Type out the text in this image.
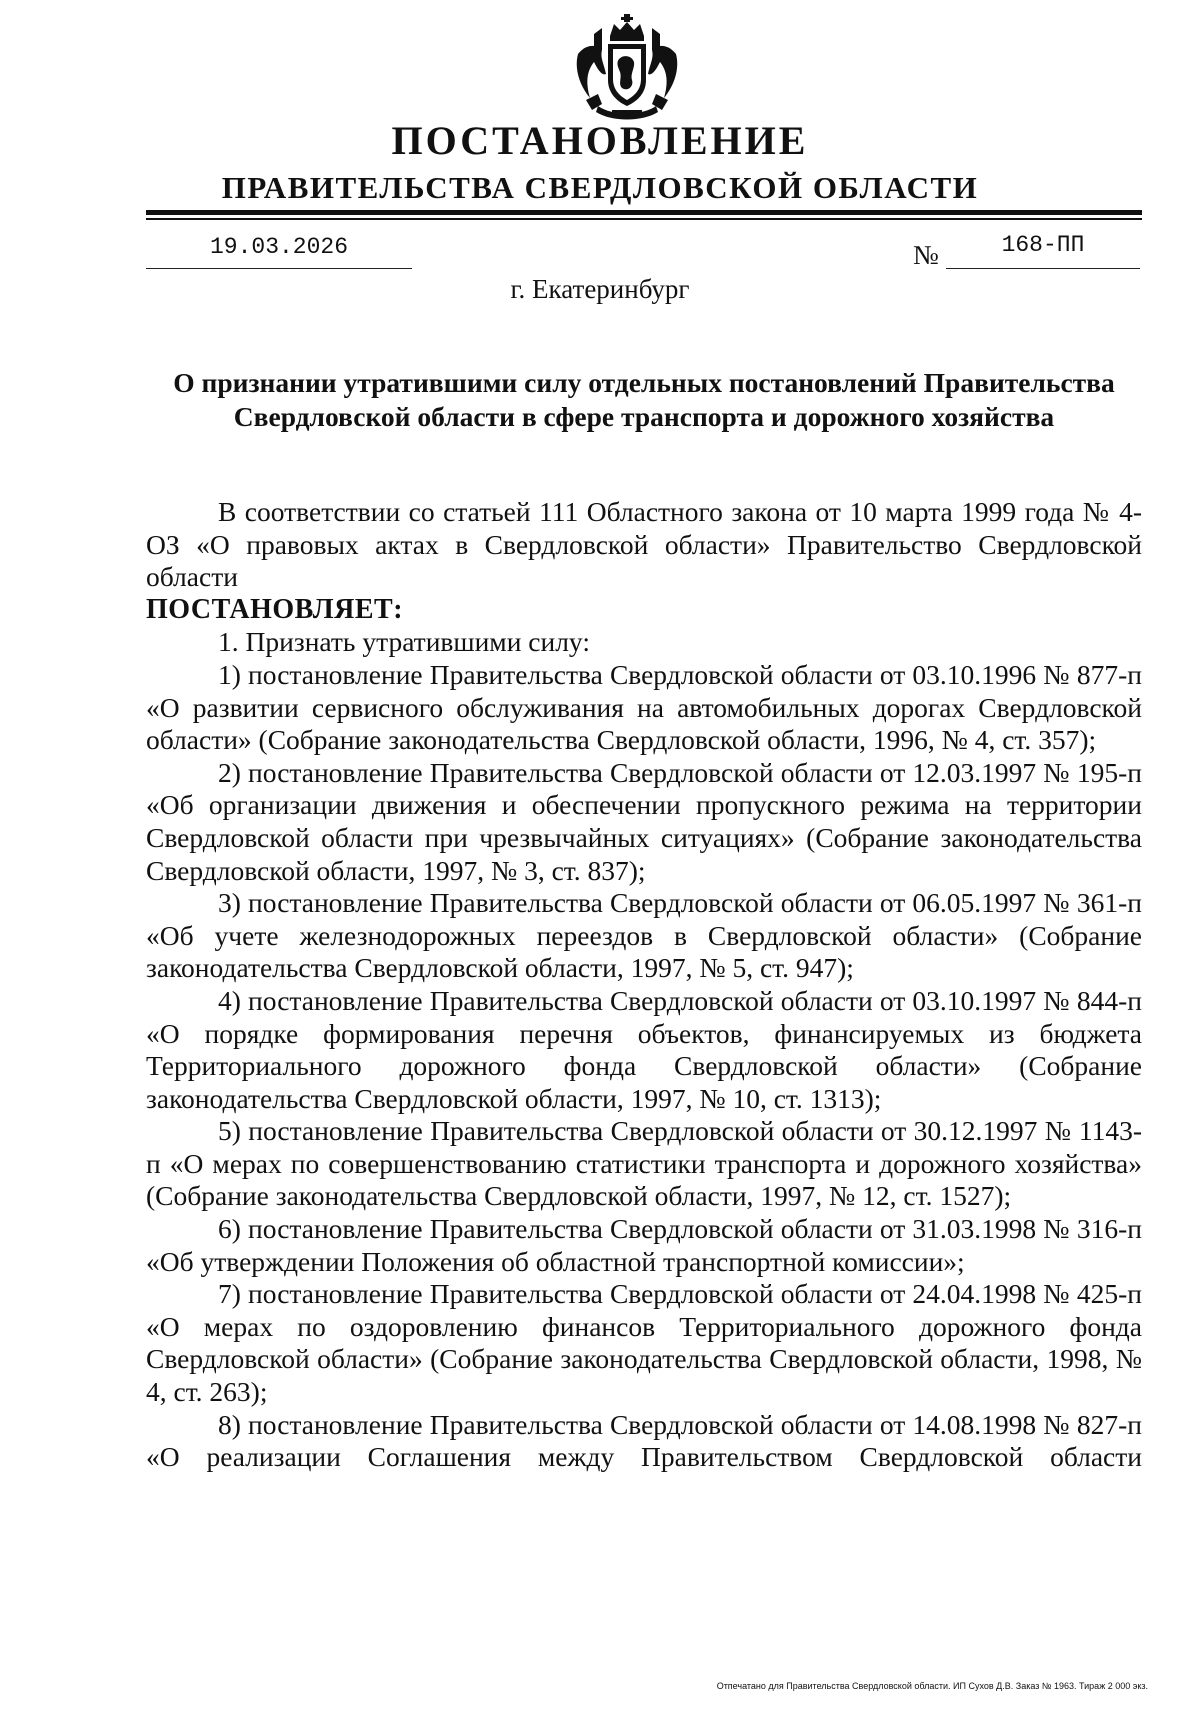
ПОСТАНОВЛЕНИЕ
ПРАВИТЕЛЬСТВА СВЕРДЛОВСКОЙ ОБЛАСТИ
19.03.2026	№	168-ПП
г. Екатеринбург
О признании утратившими силу отдельных постановлений Правительства Свердловской области в сфере транспорта и дорожного хозяйства

В соответствии со статьей 111 Областного закона от 10 марта 1999 года № 4-ОЗ «О правовых актах в Свердловской области» Правительство Свердловской области

ПОСТАНОВЛЯЕТ:

1. Признать утратившими силу:

1) постановление Правительства Свердловской области от 03.10.1996 № 877-п «О развитии сервисного обслуживания на автомобильных дорогах Свердловской области» (Собрание законодательства Свердловской области, 1996, № 4, ст. 357);

2) постановление Правительства Свердловской области от 12.03.1997 № 195-п «Об организации движения и обеспечении пропускного режима на территории Свердловской области при чрезвычайных ситуациях» (Собрание законодательства Свердловской области, 1997, № 3, ст. 837);

3) постановление Правительства Свердловской области от 06.05.1997 № 361-п «Об учете железнодорожных переездов в Свердловской области» (Собрание законодательства Свердловской области, 1997, № 5, ст. 947);

4) постановление Правительства Свердловской области от 03.10.1997 № 844-п «О порядке формирования перечня объектов, финансируемых из бюджета Территориального дорожного фонда Свердловской области» (Собрание законодательства Свердловской области, 1997, № 10, ст. 1313);

5) постановление Правительства Свердловской области от 30.12.1997 № 1143-п «О мерах по совершенствованию статистики транспорта и дорожного хозяйства» (Собрание законодательства Свердловской области, 1997, № 12, ст. 1527);

6) постановление Правительства Свердловской области от 31.03.1998 № 316-п «Об утверждении Положения об областной транспортной комиссии»;

7) постановление Правительства Свердловской области от 24.04.1998 № 425-п «О мерах по оздоровлению финансов Территориального дорожного фонда Свердловской области» (Собрание законодательства Свердловской области, 1998, № 4, ст. 263);

8) постановление Правительства Свердловской области от 14.08.1998 № 827-п «О реализации Соглашения между Правительством Свердловской области

Отпечатано для Правительства Свердловской области. ИП Сухов Д.В. Заказ № 1963. Тираж 2 000 экз.
